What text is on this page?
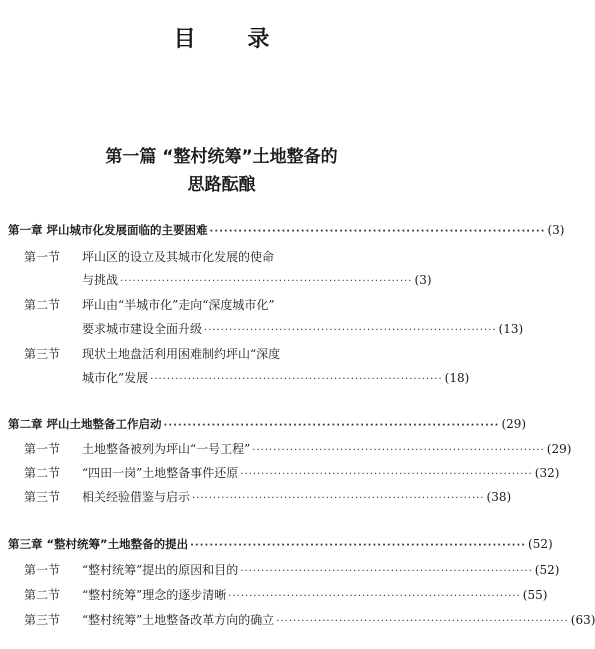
目 录
第一篇 “整村统筹”土地整备的
思路酝酿
第一章 坪山城市化发展面临的主要困难 ······································································ (3)
第一节	坪山区的设立及其城市化发展的使命
与挑战 ······································································ (3)
第二节	坪山由“半城市化”走向“深度城市化”
要求城市建设全面升级 ······································································ (13)
第三节	现状土地盘活利用困难制约坪山“深度
城市化”发展 ······································································ (18)
第二章 坪山土地整备工作启动 ······································································ (29)
第一节 土地整备被列为坪山“一号工程” ······································································ (29)
第二节 “四田一岗”土地整备事件还原 ······································································ (32)
第三节 相关经验借鉴与启示 ······································································ (38)
第三章 “整村统筹”土地整备的提出 ······································································ (52)
第一节 “整村统筹”提出的原因和目的 ······································································ (52)
第二节 “整村统筹”理念的逐步清晰 ······································································ (55)
第三节 “整村统筹”土地整备改革方向的确立 ······································································ (63)
